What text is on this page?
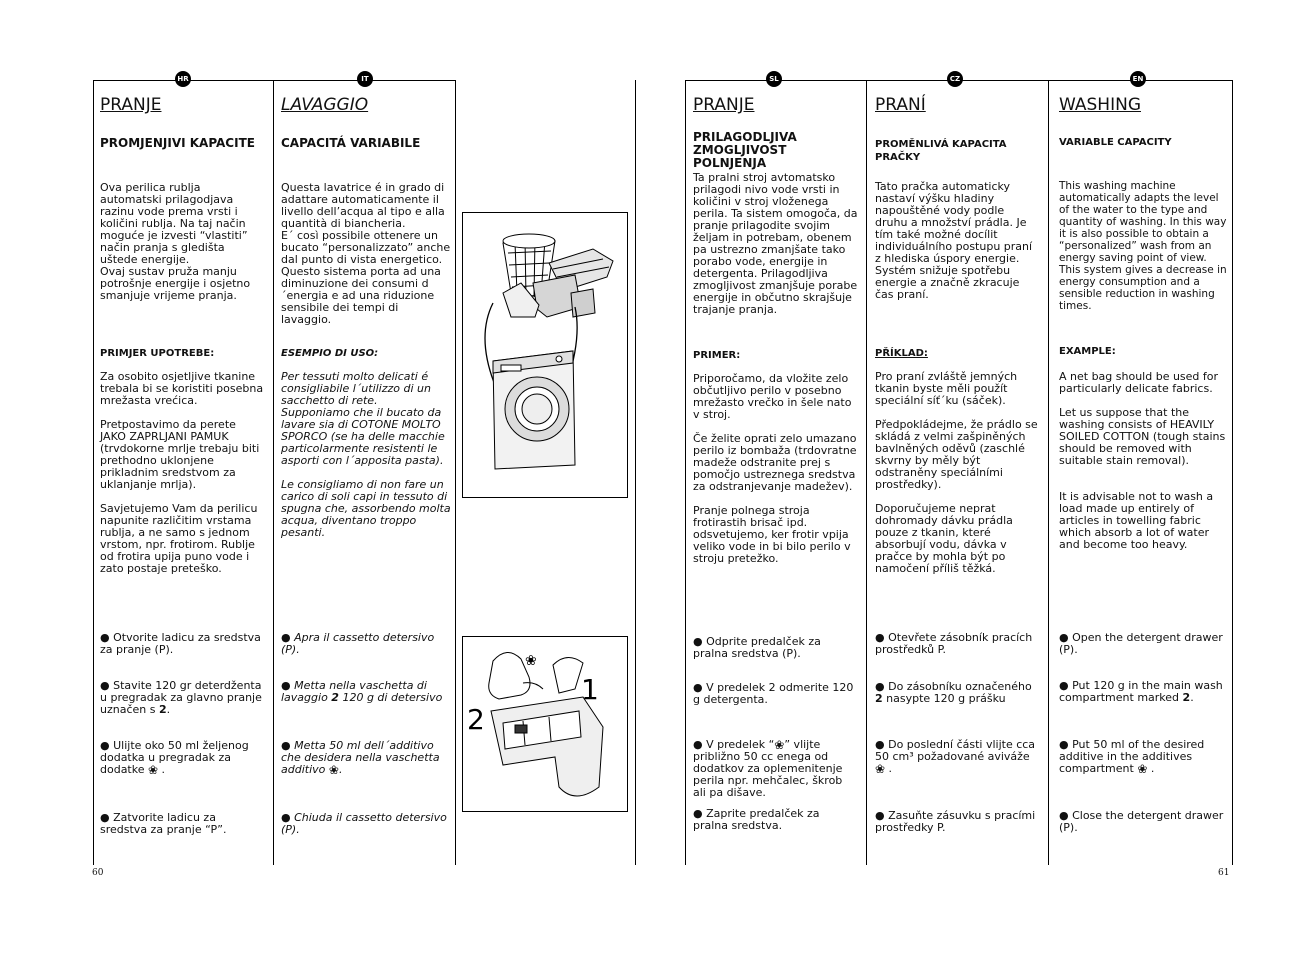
60	61
HR
PRANJE
PROMJENJIVI KAPACITE
Ova perilica rublja automatski prilagodjava razinu vode prema vrsti i količini rublja. Na taj način moguće je izvesti “vlastiti” način pranja s gledišta uštede energije.
Ovaj sustav pruža manju potrošnje energije i osjetno smanjuje vrijeme pranja.
PRIMJER UPOTREBE:
Za osobito osjetljive tkanine trebala bi se koristiti posebna mrežasta vrećica.

Pretpostavimo da perete JAKO ZAPRLJANI PAMUK (trvdokorne mrlje trebaju biti prethodno uklonjene prikladnim sredstvom za uklanjanje mrlja).

Savjetujemo Vam da perilicu napunite različitim vrstama rublja, a ne samo s jednom vrstom, npr. frotirom. Rublje od frotira upija puno vode i zato postaje preteško.
● Otvorite ladicu za sredstva za pranje (P).
● Stavite 120 gr deterdženta u pregradak za glavno pranje uznačen s 2.
● Ulijte oko 50 ml željenog dodatka u pregradak za dodatke ❀ .
● Zatvorite ladicu za sredstva za pranje “P”.
IT
LAVAGGIO
CAPACITÁ VARIABILE
Questa lavatrice é in grado di adattare automaticamente il livello dell’acqua al tipo e alla quantità di biancheria.
E´ così possibile ottenere un bucato “personalizzato” anche dal punto di vista energetico.
Questo sistema porta ad una diminuzione dei consumi d´energia e ad una riduzione sensibile dei tempi di lavaggio.
ESEMPIO DI USO:
Per tessuti molto delicati é consigliabile l´utilizzo di un sacchetto di rete.
Supponiamo che il bucato da lavare sia di COTONE MOLTO SPORCO (se ha delle macchie particolarmente resistenti le asporti con l´apposita pasta).

Le consigliamo di non fare un carico di soli capi in tessuto di spugna che, assorbendo molta acqua, diventano troppo pesanti.
● Apra il cassetto detersivo (P).
● Metta nella vaschetta di lavaggio 2 120 g di detersivo
● Metta 50 ml dell´additivo che desidera nella vaschetta additivo ❀.
● Chiuda il cassetto detersivo (P).
❀
1
2
SL
PRANJE
PRILAGODLJIVA ZMOGLJIVOST POLNJENJA
Ta pralni stroj avtomatsko prilagodi nivo vode vrsti in količini v stroj vloženega perila. Ta sistem omogoča, da pranje prilagodite svojim željam in potrebam, obenem pa ustrezno zmanjšate tako porabo vode, energije in detergenta. Prilagodljiva zmogljivost zmanjšuje porabe energije in občutno skrajšuje trajanje pranja.
PRIMER:
Priporočamo, da vložite zelo občutljivo perilo v posebno mrežasto vrečko in šele nato v stroj.

Če želite oprati zelo umazano perilo iz bombaža (trdovratne madeže odstranite prej s pomočjo ustreznega sredstva za odstranjevanje madežev).

Pranje polnega stroja frotirastih brisač ipd. odsvetujemo, ker frotir vpija veliko vode in bi bilo perilo v stroju pretežko.
● Odprite predalček za pralna sredstva (P).
● V predelek 2 odmerite 120 g detergenta.
● V predelek “❀” vlijte približno 50 cc enega od dodatkov za oplemenitenje perila npr. mehčalec, škrob ali pa dišave.
● Zaprite predalček za pralna sredstva.
CZ
PRANÍ
PROMĚNLIVÁ KAPACITA PRAČKY
Tato pračka automaticky nastaví výšku hladiny napouštěné vody podle druhu a množství prádla. Je tím také možné docílit individuálního postupu praní z hlediska úspory energie. Systém snižuje spotřebu energie a značně zkracuje čas praní.
PŘÍKLAD:
Pro praní zvláště jemných tkanin byste měli použít speciální síť´ku (sáček).

Předpokládejme, že prádlo se skládá z velmi zašpiněných bavlněných oděvů (zaschlé skvrny by měly být odstraněny speciálními prostředky).

Doporučujeme neprat dohromady dávku prádla pouze z tkanin, které absorbují vodu, dávka v pračce by mohla být po namočení příliš těžká.
● Otevřete zásobník pracích prostředků P.
● Do zásobníku označeného 2 nasypte 120 g prášku
● Do poslední části vlijte cca 50 cm³ požadované aviváže ❀ .
● Zasuňte zásuvku s pracími prostředky P.
EN
WASHING
VARIABLE CAPACITY
This washing machine automatically adapts the level of the water to the type and quantity of washing. In this way it is also possible to obtain a “personalized” wash from an energy saving point of view. This system gives a decrease in energy consumption and a sensible reduction in washing times.
EXAMPLE:
A net bag should be used for particularly delicate fabrics.

Let us suppose that the washing consists of HEAVILY SOILED COTTON (tough stains should be removed with suitable stain removal).

It is advisable not to wash a load made up entirely of articles in towelling fabric which absorb a lot of water and become too heavy.
● Open the detergent drawer (P).
● Put 120 g in the main wash compartment marked 2.
● Put 50 ml of the desired additive in the additives compartment ❀ .
● Close the detergent drawer (P).
